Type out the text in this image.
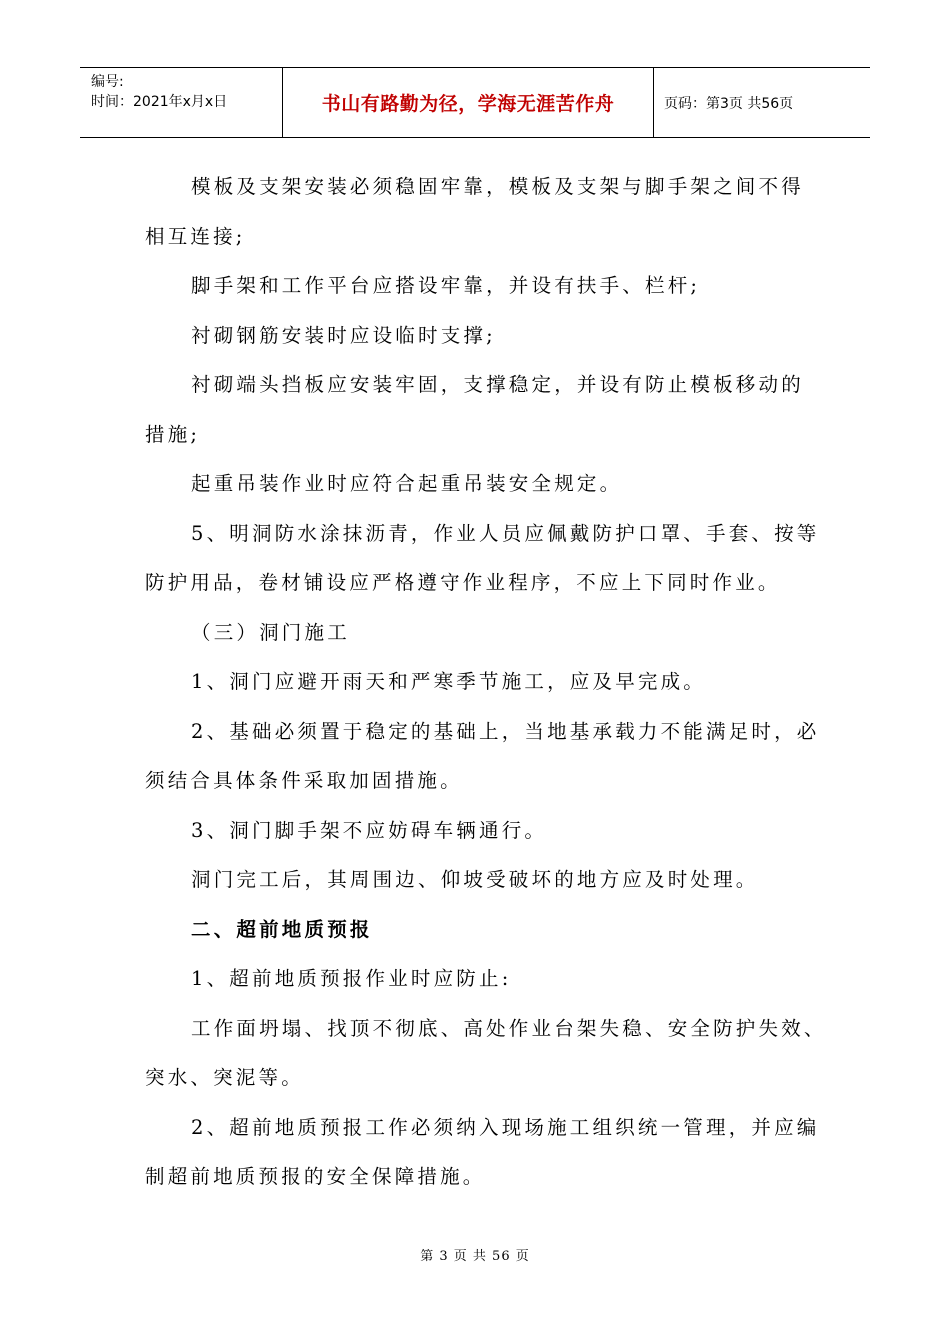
编号:
时间：2021年x月x日	书山有路勤为径，学海无涯苦作舟	页码：第3页 共56页

模板及支架安装必须稳固牢靠，模板及支架与脚手架之间不得

相互连接;

脚手架和工作平台应搭设牢靠，并设有扶手、栏杆;

衬砌钢筋安装时应设临时支撑;

衬砌端头挡板应安装牢固，支撑稳定，并设有防止模板移动的

措施;

起重吊装作业时应符合起重吊装安全规定。

5、明洞防水涂抹沥青，作业人员应佩戴防护口罩、手套、按等

防护用品，卷材铺设应严格遵守作业程序，不应上下同时作业。

（三）洞门施工

1、洞门应避开雨天和严寒季节施工，应及早完成。

2、基础必须置于稳定的基础上，当地基承载力不能满足时，必

须结合具体条件采取加固措施。

3、洞门脚手架不应妨碍车辆通行。

洞门完工后，其周围边、仰坡受破坏的地方应及时处理。

二、超前地质预报

1、超前地质预报作业时应防止:

工作面坍塌、找顶不彻底、高处作业台架失稳、安全防护失效、

突水、突泥等。

2、超前地质预报工作必须纳入现场施工组织统一管理，并应编

制超前地质预报的安全保障措施。

第 3 页 共 56 页
